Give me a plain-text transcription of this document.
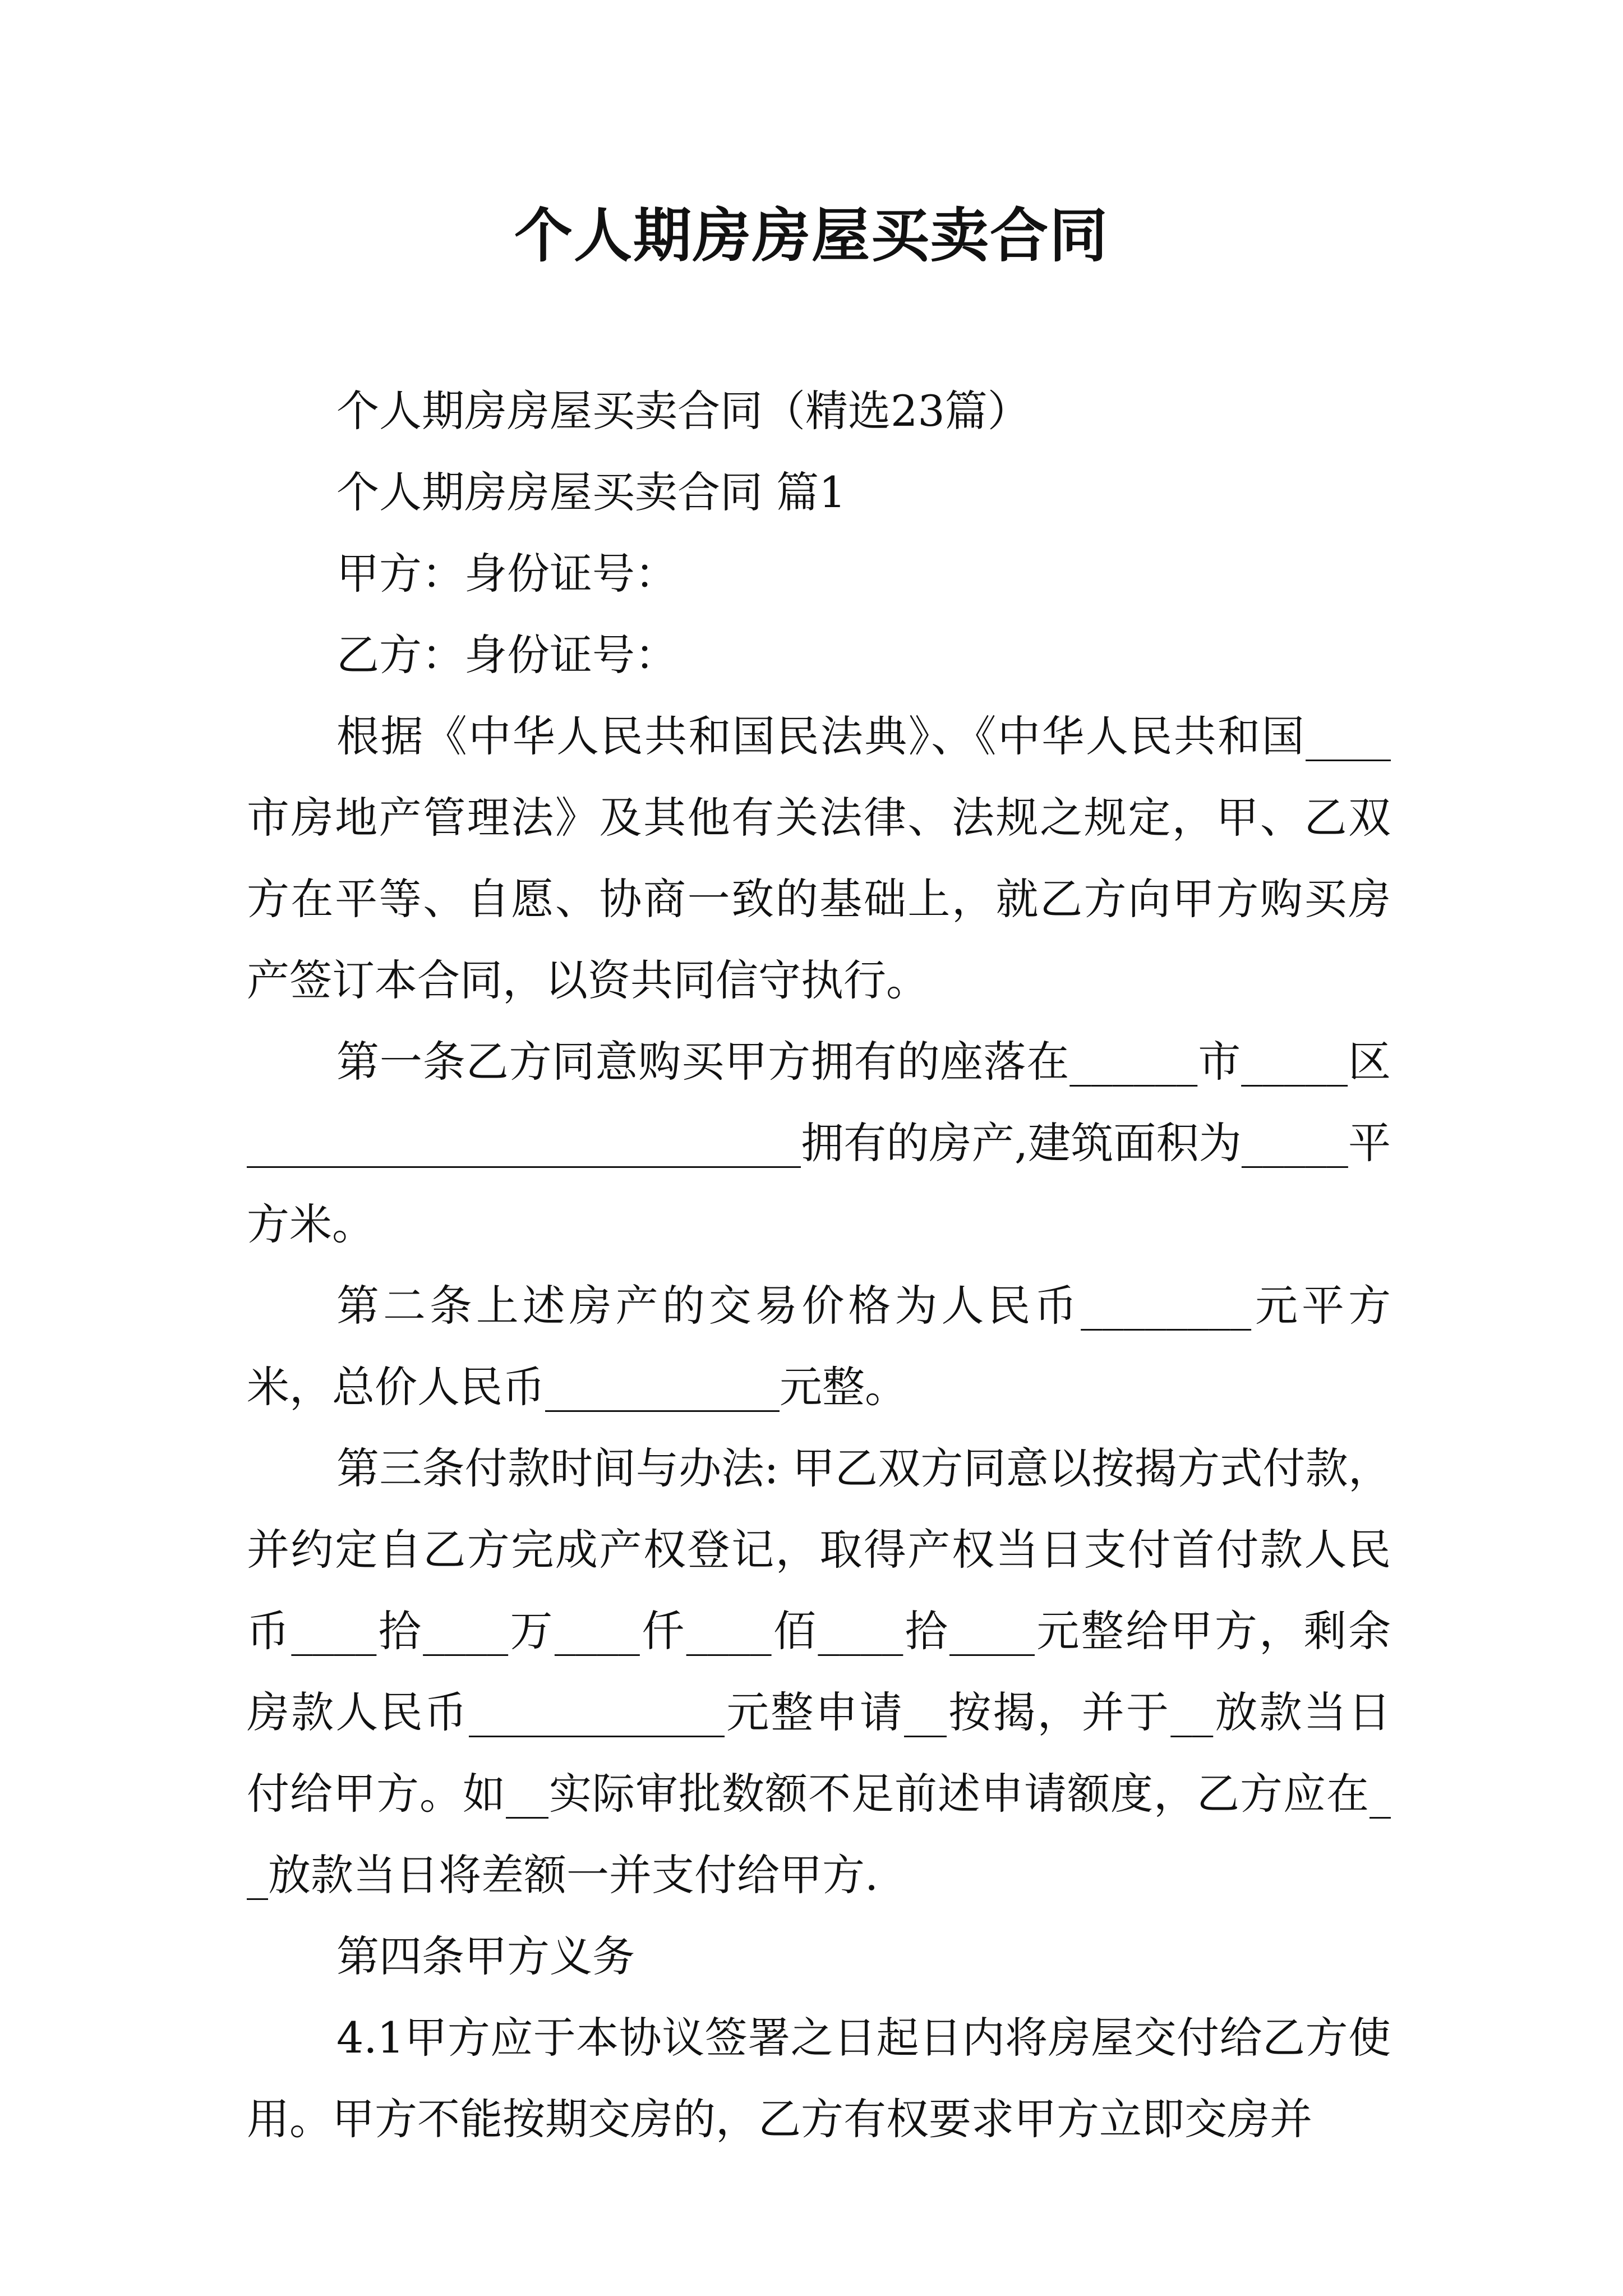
个人期房房屋买卖合同

个人期房房屋买卖合同（精选23篇）

个人期房房屋买卖合同 篇1

甲方：身份证号：

乙方：身份证号：

根据《中华人民共和国民法典》、《中华人民共和国____市房地产管理法》及其他有关法律、法规之规定，甲、乙双方在平等、自愿、协商一致的基础上，就乙方向甲方购买房产签订本合同，以资共同信守执行。

第一条乙方同意购买甲方拥有的座落在______市_____区__________________________拥有的房产,建筑面积为_____平方米。

第二条上述房产的交易价格为人民币________元平方米，总价人民币___________元整。

第三条付款时间与办法: 甲乙双方同意以按揭方式付款，并约定自乙方完成产权登记，取得产权当日支付首付款人民币____拾____万____仟____佰____拾____元整给甲方，剩余房款人民币____________元整申请__按揭，并于__放款当日付给甲方。如__实际审批数额不足前述申请额度，乙方应在__放款当日将差额一并支付给甲方.

第四条甲方义务

4.1甲方应于本协议签署之日起日内将房屋交付给乙方使用。甲方不能按期交房的，乙方有权要求甲方立即交房并
